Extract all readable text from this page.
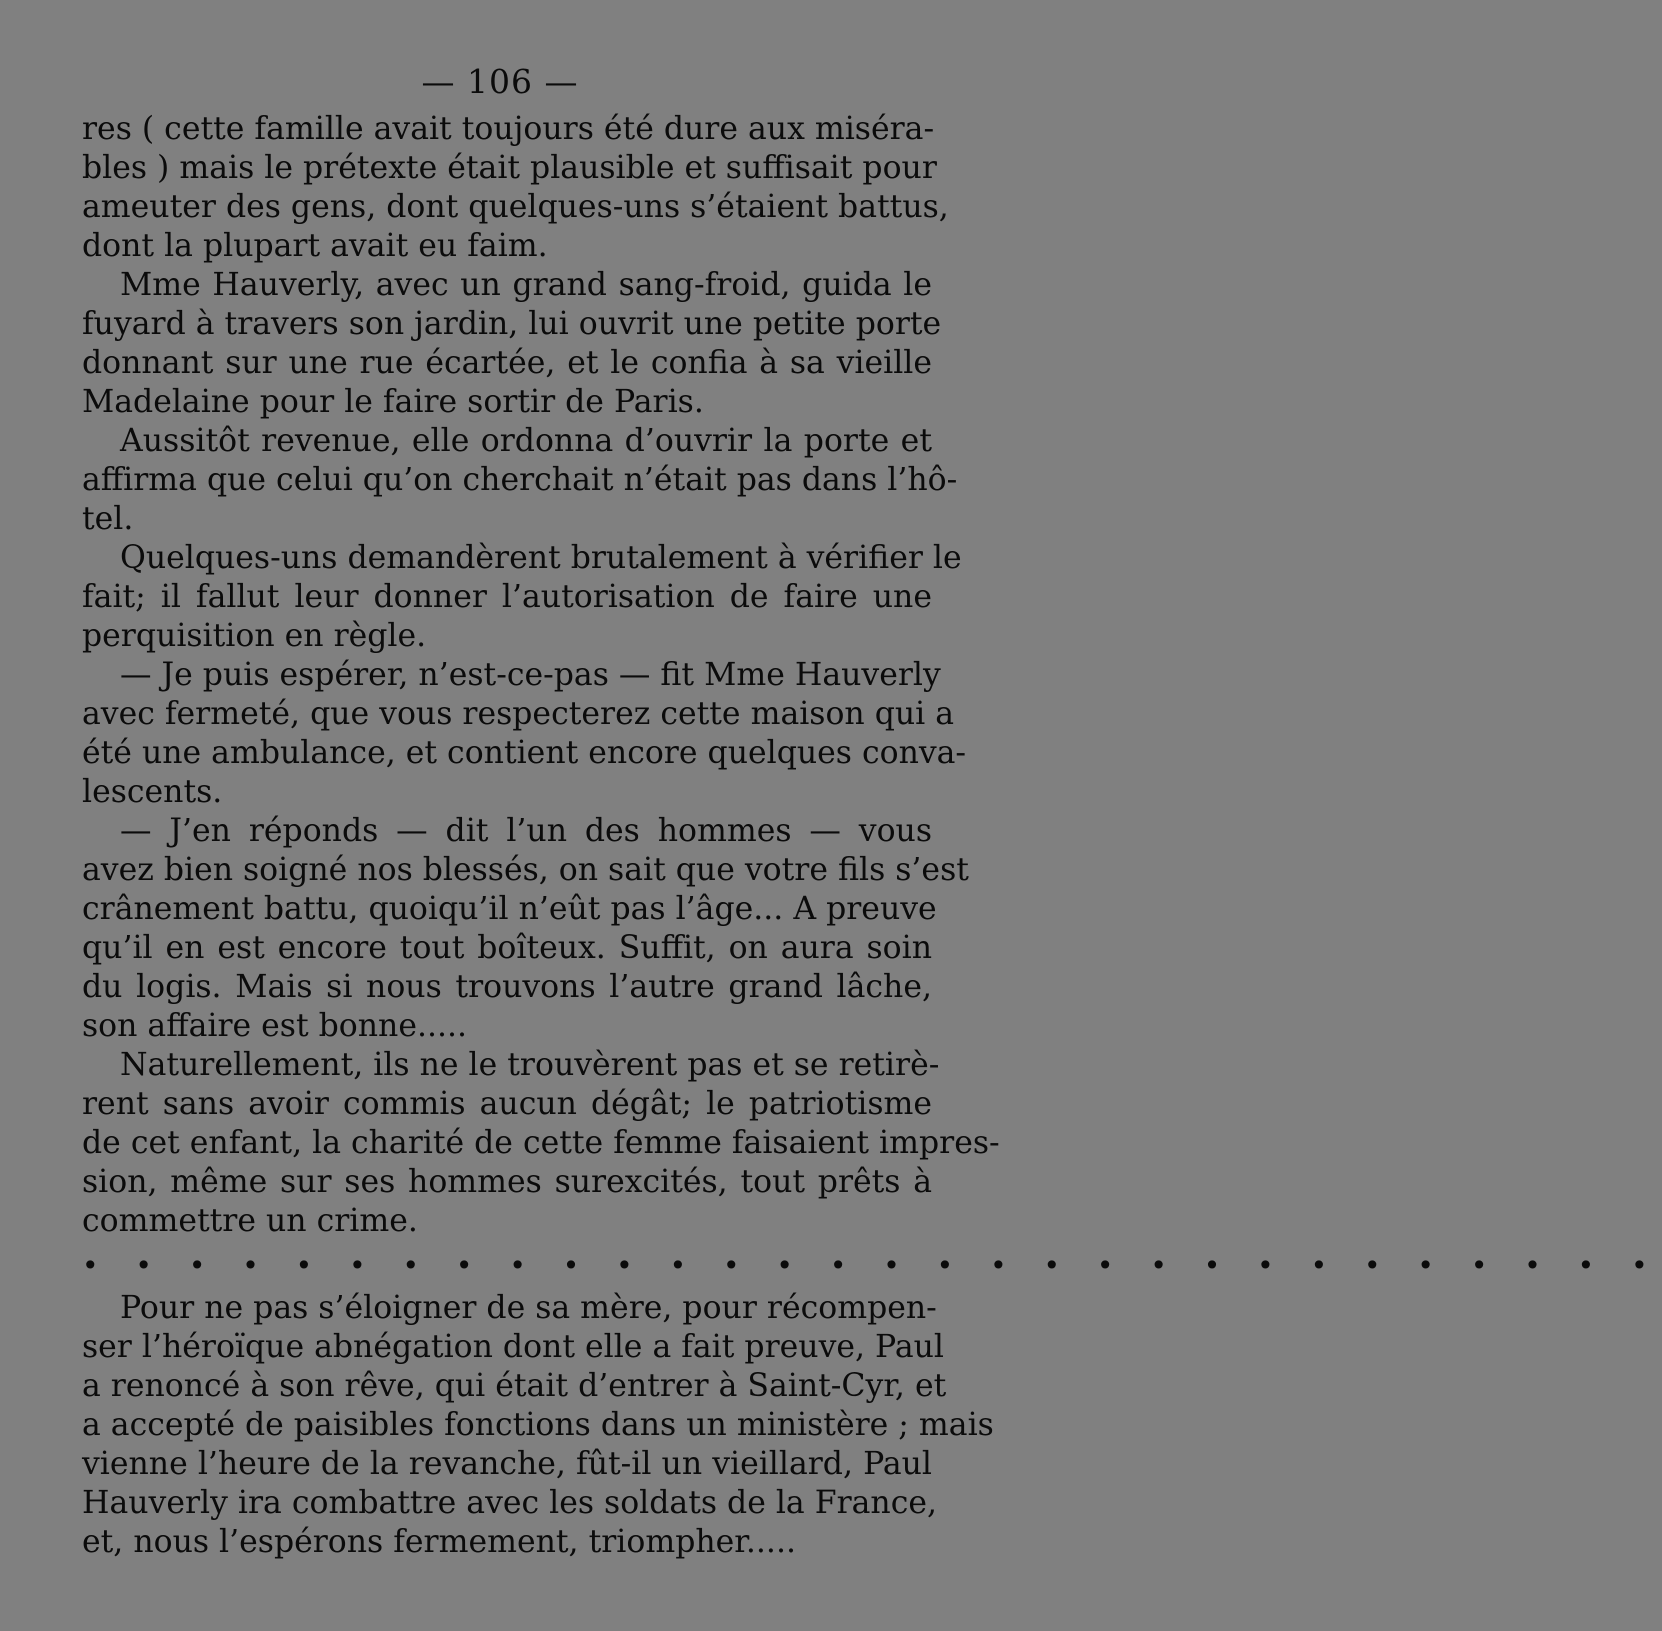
— 106 —

res ( cette famille avait toujours été dure aux miséra-
bles ) mais le prétexte était plausible et suffisait pour
ameuter des gens, dont quelques-uns s’étaient battus,
dont la plupart avait eu faim.

Mme Hauverly, avec un grand sang-froid, guida le
fuyard à travers son jardin, lui ouvrit une petite porte
donnant sur une rue écartée, et le confia à sa vieille
Madelaine pour le faire sortir de Paris.

Aussitôt revenue, elle ordonna d’ouvrir la porte et
affirma que celui qu’on cherchait n’était pas dans l’hô-
tel.

Quelques-uns demandèrent brutalement à vérifier le
fait; il fallut leur donner l’autorisation de faire une
perquisition en règle.

— Je puis espérer, n’est-ce-pas — fit Mme Hauverly
avec fermeté, que vous respecterez cette maison qui a
été une ambulance, et contient encore quelques conva-
lescents.

— J’en réponds — dit l’un des hommes — vous
avez bien soigné nos blessés, on sait que votre fils s’est
crânement battu, quoiqu’il n’eût pas l’âge... A preuve
qu’il en est encore tout boîteux. Suffit, on aura soin
du logis. Mais si nous trouvons l’autre grand lâche,
son affaire est bonne.....

Naturellement, ils ne le trouvèrent pas et se retirè-
rent sans avoir commis aucun dégât; le patriotisme
de cet enfant, la charité de cette femme faisaient impres-
sion, même sur ses hommes surexcités, tout prêts à
commettre un crime.

• • • • • • • • • • • • • • • • • • • • • • • • • • • • • •

Pour ne pas s’éloigner de sa mère, pour récompen-
ser l’héroïque abnégation dont elle a fait preuve, Paul
a renoncé à son rêve, qui était d’entrer à Saint-Cyr, et
a accepté de paisibles fonctions dans un ministère ; mais
vienne l’heure de la revanche, fût-il un vieillard, Paul
Hauverly ira combattre avec les soldats de la France,
et, nous l’espérons fermement, triompher.....
